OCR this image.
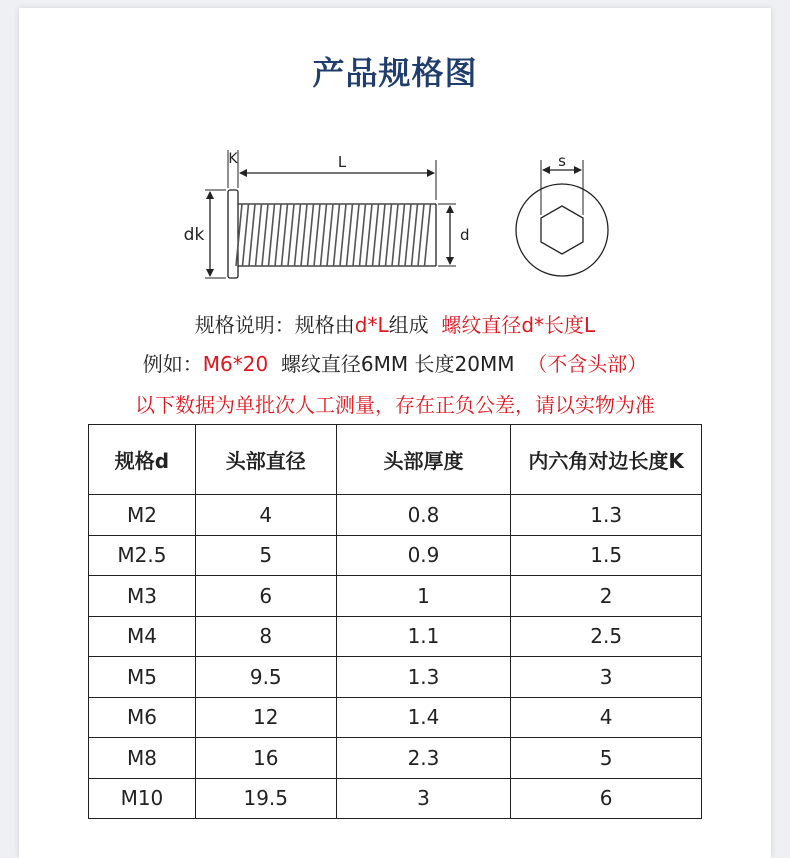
产品规格图
K	L
dk	d
s
规格说明：规格由d*L组成 螺纹直径d*长度L
例如：M6*20 螺纹直径6MM 长度20MM （不含头部）
以下数据为单批次人工测量，存在正负公差，请以实物为准
规格d	头部直径	头部厚度	内六角对边长度K
M2	4	0.8	1.3
M2.5	5	0.9	1.5
M3	6	1	2
M4	8	1.1	2.5
M5	9.5	1.3	3
M6	12	1.4	4
M8	16	2.3	5
M10	19.5	3	6
